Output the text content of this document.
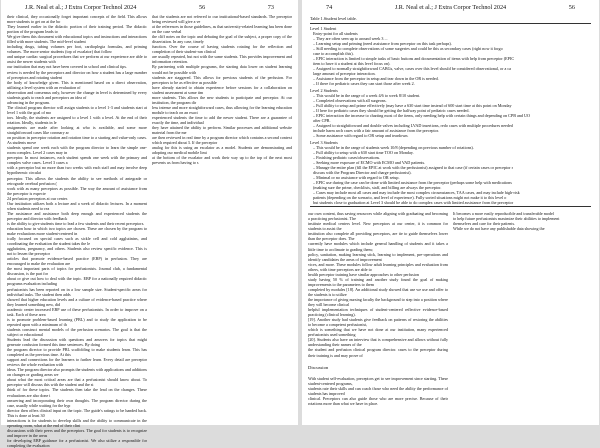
J.R. Neal et al.; J Extra Corpor Technol 2024	56	73
their clinical, they occasionally forget important concepts of the field. This allows more students to get on at the bo
They learned earlier in the didactic portion of their training period. The didactic portion of the program leads to
We give them this document with educational topics and instructions and interactions filled with more students. The mid-level student
including drugs, tubing volumes per foot, cardioplegia formulas, and priming volumes. The more senior students (top of escalator) that follow
and unique cardiac surgical procedures that we perform at our experience are able to assist the newer students with
our institution that may not have been covered in school and clinical tips.
review is needed by the perceptors and director on how a student has a large number of preceptors and rotating student
the body of knowledge given. This is mentioned based on a direct observation, utilizing a level system with an evaluation of
observation and consensus only, however the change in level is determined by every students goals to reach and preceptors an idea of
advancing in the program.
The clinical program director will assign students to a level 1-3 and students start at level 1 with the goal of mo
tors. Ideally, the students are assigned to a level 1 with a level. At the end of their rotation. Ideally, students in le
assignments are made after looking at who is available, and some more straightforward cases like coronary ar
on position in preceptor rotation and rotation time to a starting and value-only cases. As students move
students spend one week each with the program director to learn the simple one-room complex. Level 2 cases may in
preceptor. In most instances, each student spends one week with the primary and complex valve cases. Level 3 cases a
with a preceptor but no more than two weeks with each staff and may involve deep hypothermic circulat
preceptor. This allows the students the ability to see methods of antegrade or retrograde cerebral perfusion (
work with as many preceptors as possible. The way the amount of assistance from the preceptor is expecte
24 perfusion preceptors at our center.
Our institution utilizes both a lecture and a week of didactic lectures. In a moment when students need to rea
The assistance and assistance both deep enough and experienced students the preceptor and director with feedback
is the ability to give students time to lead a few students and their recent preceptors.
education hour in which two topics are chosen. These are chosen by the program to make evaluations more student-centered in
ically focused on special cases such as sickle cell and cold agglutinins, and coordinating the evaluation the student takes the le
agglutinins, pregnancy, and others. Students also review specific evidence. This is not to lessen the preceptor
articles that promote evidence-based practice (EBP) in perfusion. They are encouraged to make the evaluation are
the most important parts of topics for perfusionists. Journal club, a fundamental discussion, is the part for
about or give out how to deal with the topic. EBP for a nationally required didactic programs evaluation including
perfusionists has been reported on in a low sample size. Student-specific areas for individual tasks. The student then adds
showed that higher education levels and a culture of evidence-based practice where they learned something new, did
academic center increased EBP use of these perfusionists. In order to improve on a task. Each of these area
is to promote problem-based learning (PBL) and to study the application to be repeated upon with a minimum of th
students construct mental models of the perfusion scenarios. The goal is that the subject or educational
Students lead the discussion with questions and answers for topics that might generate confusion formed this time sentences. By doing
the program director to provide PBL scaffolding to make students learn. This has completed as the previous time. At this
support and connections for the learners to further learn. Every detail are preceptor reviews the whole evaluation with
ideas. The program director also prompts the students with applications and additions on changes or grading areas we
about what the most critical areas are that a perfusionist should know about. To preceptor will discuss this with the student and the st
think of for these topics. The students then take the lead on the changes. These evaluations are also done i
answering and incorporating their own thoughts. The program director during the case, usually while waiting for the byp
director then offers clinical input on the topic. The guide's ratings to be handed back. This is done at least 30
interactions is for students to develop skills and the ability to communicate in the operating room, what at the end of their clini
discussions with their peers and the preceptors. The goal for students is to recognize and improve in the areas
for developing EBP guidance for a perfusionist. We also utilize a responsible for completing the evaluation
that the students are not referred to our institutional-based standards. The preceptor being reviewed will give a ve
at the references in those guidelines, as that university-related learning has been done on the case verbal
the cliff notes on the topic and debating the goal of the subject, a proper copy of the dissertation. In any case, timely
function. Over the course of having students rotating for the reflection and completion of their student-ran clinical
are usually repeated, but not with the same students. This provides improvement and information retention.
By partnering with multiple programs, the starting data lower on student learning would not be possible with
students are staggered. This allows for previous students of the perfusion. For preceptors to be as effective as possible
have already started to obtain experience before sessions for a collaboration on student assessment at some tim
more students. This allows the new students to participate and preceptor. At our institution, the program dir
less intense and more straightforward cases, thus allowing for the learning education module to teach on an exact
experienced students the time to add the newer student. There are a guarantee of exactly the time, and individual
they have attained the ability to perform. Similar processes and additional website material from the me
are then reviewed in real time by a program director which contains a second context which required about 3. If the preceptor
analog for this is using an escalator as a model. Students are demonstrating and adopting our medical mobile limi
at the bottom of the escalator and work their way up to the top of the next most prevents us from having to s
74	J.R. Neal et al.; J Extra Corpor Technol 2024	56
Table 1.Student level table.
Level 1 Student
Entry-point for all students
– They are often seen up to around week 3 ...
– Learning setup and priming (need assistance from preceptor on this task perhaps).
– Still needing to complete observations of some surgeries and could be this as secondary cases (right now it forgo
case to accomplish this).
– EPIC interaction is limited to simple tasks of basic buttons and documentation of items with help from preceptor (EPIC
item to have it a student at this level focus on).
– Assigned to normally straightforward CABGs, valve, cases over this level should be considered observational, or a ca
large amount of preceptor interaction.
– Assistance from the preceptor in setup and tear down in the OR is needed.
– If there for pediatric cases they can start those after week 2.
Level 2 Students
– This would be in the range of a week 4/6 to week 8/10 student.
– Completed observations with all surgeons.
– Full ability to setup and prime effectively (may have a 630 start time instead of 600 start time at this point on Monday
– If here for pediatric cases they should be getting the halfway point of pediatric cases needed.
– EPIC interaction the increase to charting most of the items, only needing help with certain things and depending on CPB and UO
after CPB.
– Assigned to straightforward and double valves including LVAD insertions, redo cases with multiple procedures needed
include harm arch cases with a fair amount of assistance from the preceptor.
– Some assistance with regard to OR setup and teardown.
Level 3 Students
– This would be in the range of students week 10/8 (depending on previous number of rotations).
– Full ability to setup with a 630 start time TOO on Monday.
– Finishing pediatric cases/observations.
– Seeking more exposure of ECMO with ECMO and VAD patients.
– Manage the entire plan (fill the EPIC at work with the perfusionist) assigned to that case (if certain cases or preceptor r
discuss with the Program Director and charge perfusionist).
– Minimal or no assistance with regard to OR setup.
– EPIC use during the case can be done with limited assistance from the preceptor (perhaps some help with medications
(making sure the prime, checklists, staff, and billing are always the preceptor.
– Cases may include most all cases and may include the most complex circumstances, TAA cases, and may include high-risk
patients (depending on the scenario, and level of experience). Fully sorted situations might not make it to this level o
but students close to graduation at Level 3 should be able to do complex cases with limited assistance from the preceptor
our own content, thus saving resources while aligning with graduating and becoming a practicing perfusionist. The
institute medical centers level. New preceptors at our center, it is common for students to assist the
institution also complete all providing preceptors, are tie to guide themselves lower than the preceptor does. The
currently have modules which include general handling of students and it takes a little time to acclimate to grading them;
policy, sanitation, making learning stick, learning to implement, pre-operations and identify candidates the areas of improvement
vices, and more. These modules follow adult learning principles and evaluation from others, with time preceptors are able to
health preceptor training have similar approaches to other perfusion
study having 50 % of training and another study found the goal of making improvements to the parameters to them
completed by modules [18]. An additional study showed that use we use and offer to the students is to utilize
the importance of giving nursing faculty the background to step into a position where they will become clinical
helpful implementation techniques of student-centered reflective evidence-based practicing (clinical learning).
[19]. Another study had students give feedback on patterns of restoring the abilities to become a competent perfusionist,
which is something that we have not done at our institution, many experienced perfusionists used something
[20]. Students also have an interview that is comprehensive and allows without fully understanding their names of the
the student and perfusion clinical program director. cases to the preceptor during their training is and may prove of

Discussion

With student self-evaluation, preceptors get to see improvement since starting. These student-centered programs,
students rate their skills and can coach those who need the ability the performance of students has improved
clinical. Preceptors can also guide those who are more precise. Because of their rotations more than what we have in place.
It becomes a more easily reproducible and transferable model
to help future perfusionists maximize their abilities to implement
themselves and care for their patients.
While we do not have any publishable data showing the
